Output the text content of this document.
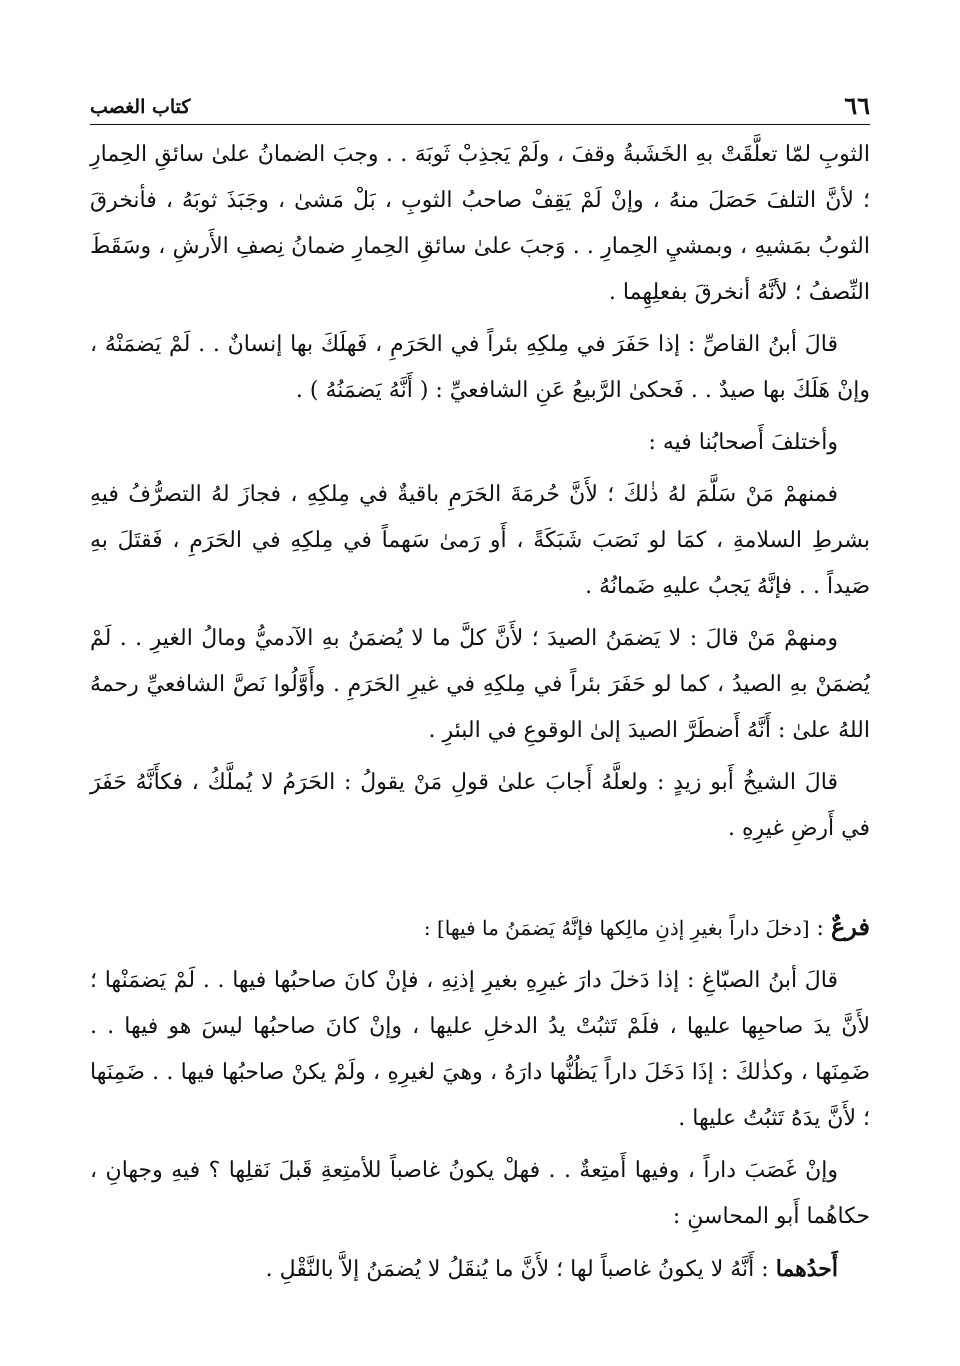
٦٦
كتاب الغصب

الثوبِ لمّا تعلَّقَتْ بهِ الخَشَبةُ وقفَ ، ولَمْ يَجذِبْ ثَوبَهَ . . وجبَ الضمانُ علىٰ سائقِ الحِمارِ ؛ لأنَّ التلفَ حَصَلَ منهُ ، وإنْ لَمْ يَقِفْ صاحبُ الثوبِ ، بَلْ مَشىٰ ، وجَبَذَ ثوبَهُ ، فأنخرقَ الثوبُ بمَشيهِ ، وبمشيِ الحِمارِ . . وَجبَ علىٰ سائقِ الحِمارِ ضمانُ نِصفِ الأَرشِ ، وسَقَطَ النِّصفُ ؛ لأنَّهُ أنخرقَ بفعلِهِما .

قالَ أبنُ القاصِّ : إذا حَفَرَ في مِلكِهِ بئراً في الحَرَمِ ، فَهلَكَ بها إنسانٌ . . لَمْ يَضمَنْهُ ، وإنْ هَلَكَ بها صيدٌ . . فَحكىٰ الرَّبيعُ عَنِ الشافعيِّ : ( أَنَّهُ يَضمَنُهُ ) .

وأختلفَ أَصحابُنا فيه :

فمنهمْ مَنْ سَلَّمَ لهُ ذٰلكَ ؛ لأَنَّ حُرمَةَ الحَرَمِ باقيةٌ في مِلكِهِ ، فجازَ لهُ التصرُّفُ فيهِ بشرطِ السلامةِ ، كمَا لو نَصَبَ شَبَكَةً ، أَو رَمىٰ سَهماً في مِلكِهِ في الحَرَمِ ، فَقتَلَ بهِ صَيداً . . فإنَّهُ يَجبُ عليهِ ضَمانُهُ .

ومنهمْ مَنْ قالَ : لا يَضمَنُ الصيدَ ؛ لأَنَّ كلَّ ما لا يُضمَنُ بهِ الآدميُّ ومالُ الغيرِ . . لَمْ يُضمَنْ بهِ الصيدُ ، كما لو حَفَرَ بئراً في مِلكِهِ في غيرِ الحَرَمِ . وأَوَّلُوا نَصَّ الشافعيِّ رحمهُ اللهُ علىٰ : أَنَّهُ أَضطَرَّ الصيدَ إلىٰ الوقوعِ في البئرِ .

قالَ الشيخُ أَبو زيدٍ : ولعلَّهُ أَجابَ علىٰ قولِ مَنْ يقولُ : الحَرَمُ لا يُملَّكُ ، فكأَنَّهُ حَفَرَ في أَرضِ غيرِهِ .

فرعٌ : [دخلَ داراً بغيرِ إذنِ مالِكها فإنَّهُ يَضمَنُ ما فيها] :

قالَ أبنُ الصبّاغِ : إذا دَخلَ دارَ غيرِهِ بغيرِ إذنِهِ ، فإنْ كانَ صاحبُها فيها . . لَمْ يَضمَنْها ؛ لأَنَّ يدَ صاحبِها عليها ، فلَمْ تَثبُتْ يدُ الدخلِ عليها ، وإنْ كانَ صاحبُها ليسَ هو فيها . . ضَمِنَها ، وكذٰلكَ : إذَا دَخَلَ داراً يَظُنُّها دارَهُ ، وهيَ لغيرِهِ ، ولَمْ يكنْ صاحبُها فيها . . ضَمِنَها ؛ لأَنَّ يدَهُ تَثبُتُ عليها .

وإنْ غَصَبَ داراً ، وفيها أَمتِعةٌ . . فهلْ يكونُ غاصباً للأمتِعةِ قَبلَ نَقلِها ؟ فيهِ وجهانِ ، حكاهُما أَبو المحاسنِ :

أَحدُهما : أَنَّهُ لا يكونُ غاصباً لها ؛ لأَنَّ ما يُنقَلُ لا يُضمَنُ إلاَّ بالنَّقْلِ .
